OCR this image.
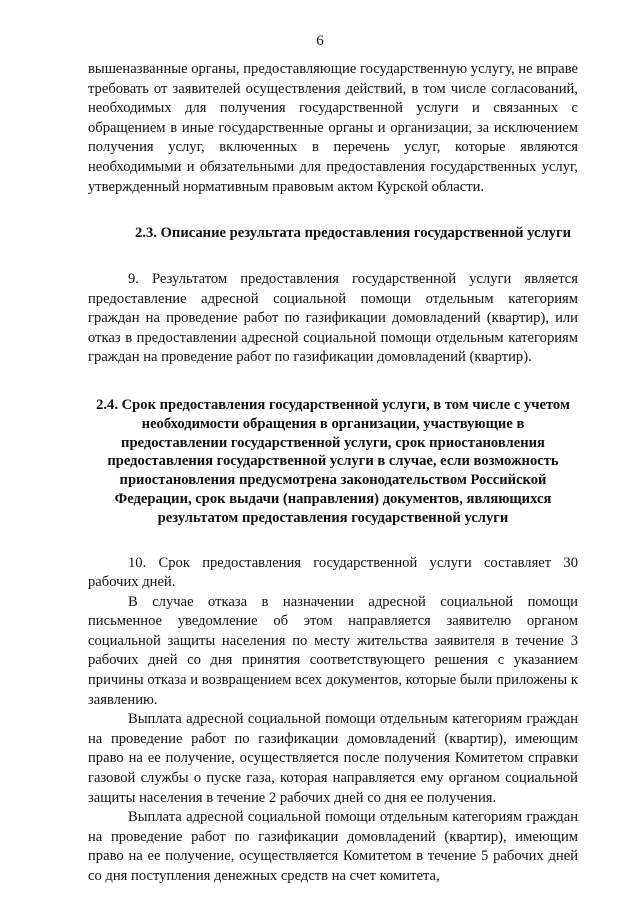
6

вышеназванные органы, предоставляющие государственную услугу, не вправе требовать от заявителей осуществления действий, в том числе согласований, необходимых для получения государственной услуги и связанных с обращением в иные государственные органы и организации, за исключением получения услуг, включенных в перечень услуг, которые являются необходимыми и обязательными для предоставления государственных услуг, утвержденный нормативным правовым актом Курской области.

2.3. Описание результата предоставления государственной услуги

9. Результатом предоставления государственной услуги является предоставление адресной социальной помощи отдельным категориям граждан на проведение работ по газификации домовладений (квартир), или отказ в предоставлении адресной социальной помощи отдельным категориям граждан на проведение работ по газификации домовладений (квартир).

2.4. Срок предоставления государственной услуги, в том числе с учетом необходимости обращения в организации, участвующие в предоставлении государственной услуги, срок приостановления предоставления государственной услуги в случае, если возможность приостановления предусмотрена законодательством Российской Федерации, срок выдачи (направления) документов, являющихся результатом предоставления государственной услуги

10. Срок предоставления государственной услуги составляет 30 рабочих дней.

В случае отказа в назначении адресной социальной помощи письменное уведомление об этом направляется заявителю органом социальной защиты населения по месту жительства заявителя в течение 3 рабочих дней со дня принятия соответствующего решения с указанием причины отказа и возвращением всех документов, которые были приложены к заявлению.

Выплата адресной социальной помощи отдельным категориям граждан на проведение работ по газификации домовладений (квартир), имеющим право на ее получение, осуществляется после получения Комитетом справки газовой службы о пуске газа, которая направляется ему органом социальной защиты населения в течение 2 рабочих дней со дня ее получения.

Выплата адресной социальной помощи отдельным категориям граждан на проведение работ по газификации домовладений (квартир), имеющим право на ее получение, осуществляется Комитетом в течение 5 рабочих дней со дня поступления денежных средств на счет комитета,
